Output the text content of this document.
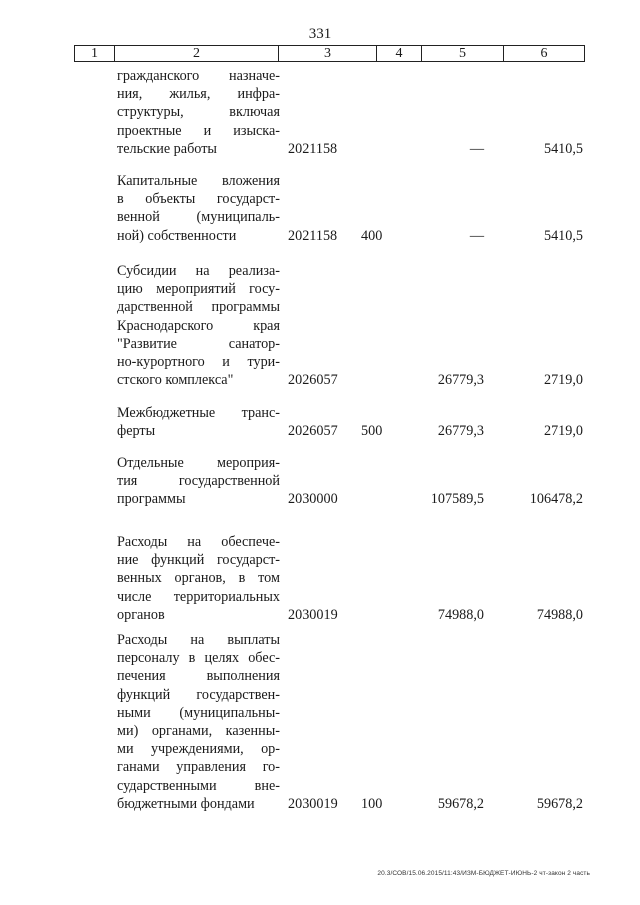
331
1	2	3	4	5	6
гражданского назначе-
ния, жилья, инфра-
структуры, включая
проектные и изыска-
тельские работы	2021158	—	5410,5
Капитальные вложения
в объекты государст-
венной (муниципаль-
ной) собственности	2021158 400	—	5410,5
Субсидии на реализа-
цию мероприятий госу-
дарственной программы
Краснодарского края
"Развитие санатор-
но-курортного и тури-
стского комплекса"	2026057	26779,3	2719,0
Межбюджетные транс-
ферты	2026057 500	26779,3	2719,0
Отдельные мероприя-
тия государственной
программы	2030000	107589,5	106478,2
Расходы на обеспече-
ние функций государст-
венных органов, в том
числе территориальных
органов	2030019	74988,0	74988,0
Расходы на выплаты
персоналу в целях обес-
печения выполнения
функций государствен-
ными (муниципальны-
ми) органами, казенны-
ми учреждениями, ор-
ганами управления го-
сударственными вне-
бюджетными фондами	2030019 100	59678,2	59678,2
20.3/СОВ/15.06.2015/11:43/ИЗМ-БЮДЖЕТ-ИЮНЬ-2 чт-закон 2 часть
